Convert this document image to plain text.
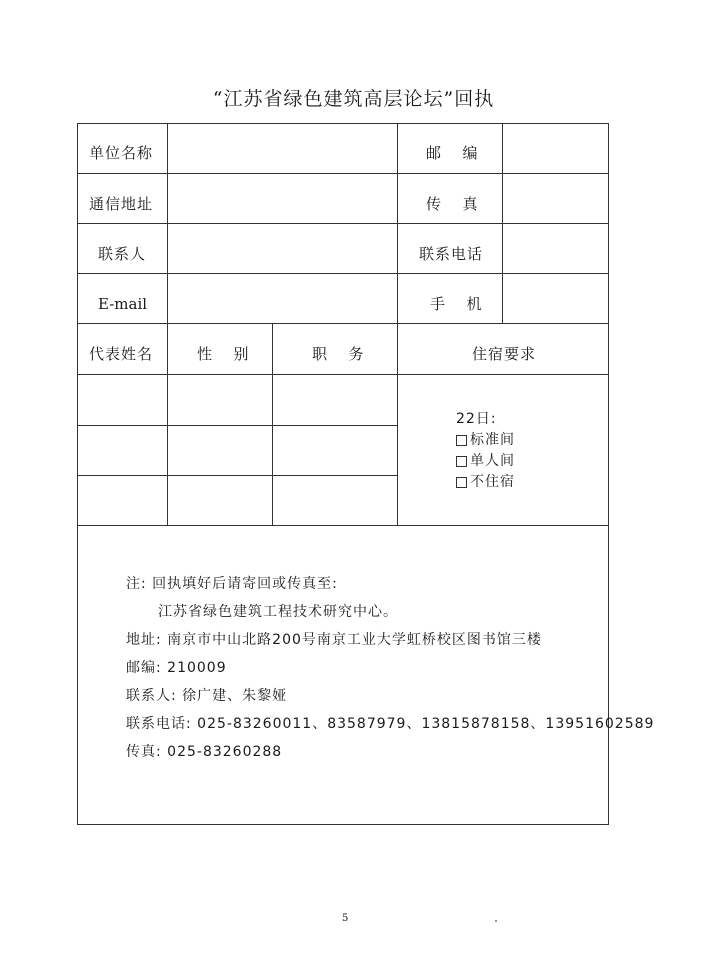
“江苏省绿色建筑高层论坛”回执
单位名称	邮  编
通信地址	传  真
联系人	联系电话
E-mail	手  机
代表姓名	性  别	职  务	住宿要求
22日:
标准间
单人间
不住宿
注: 回执填好后请寄回或传真至:
江苏省绿色建筑工程技术研究中心。
地址: 南京市中山北路200号南京工业大学虹桥校区图书馆三楼
邮编: 210009
联系人: 徐广建、朱黎娅
联系电话: 025-83260011、83587979、13815878158、13951602589
传真: 025-83260288
5
